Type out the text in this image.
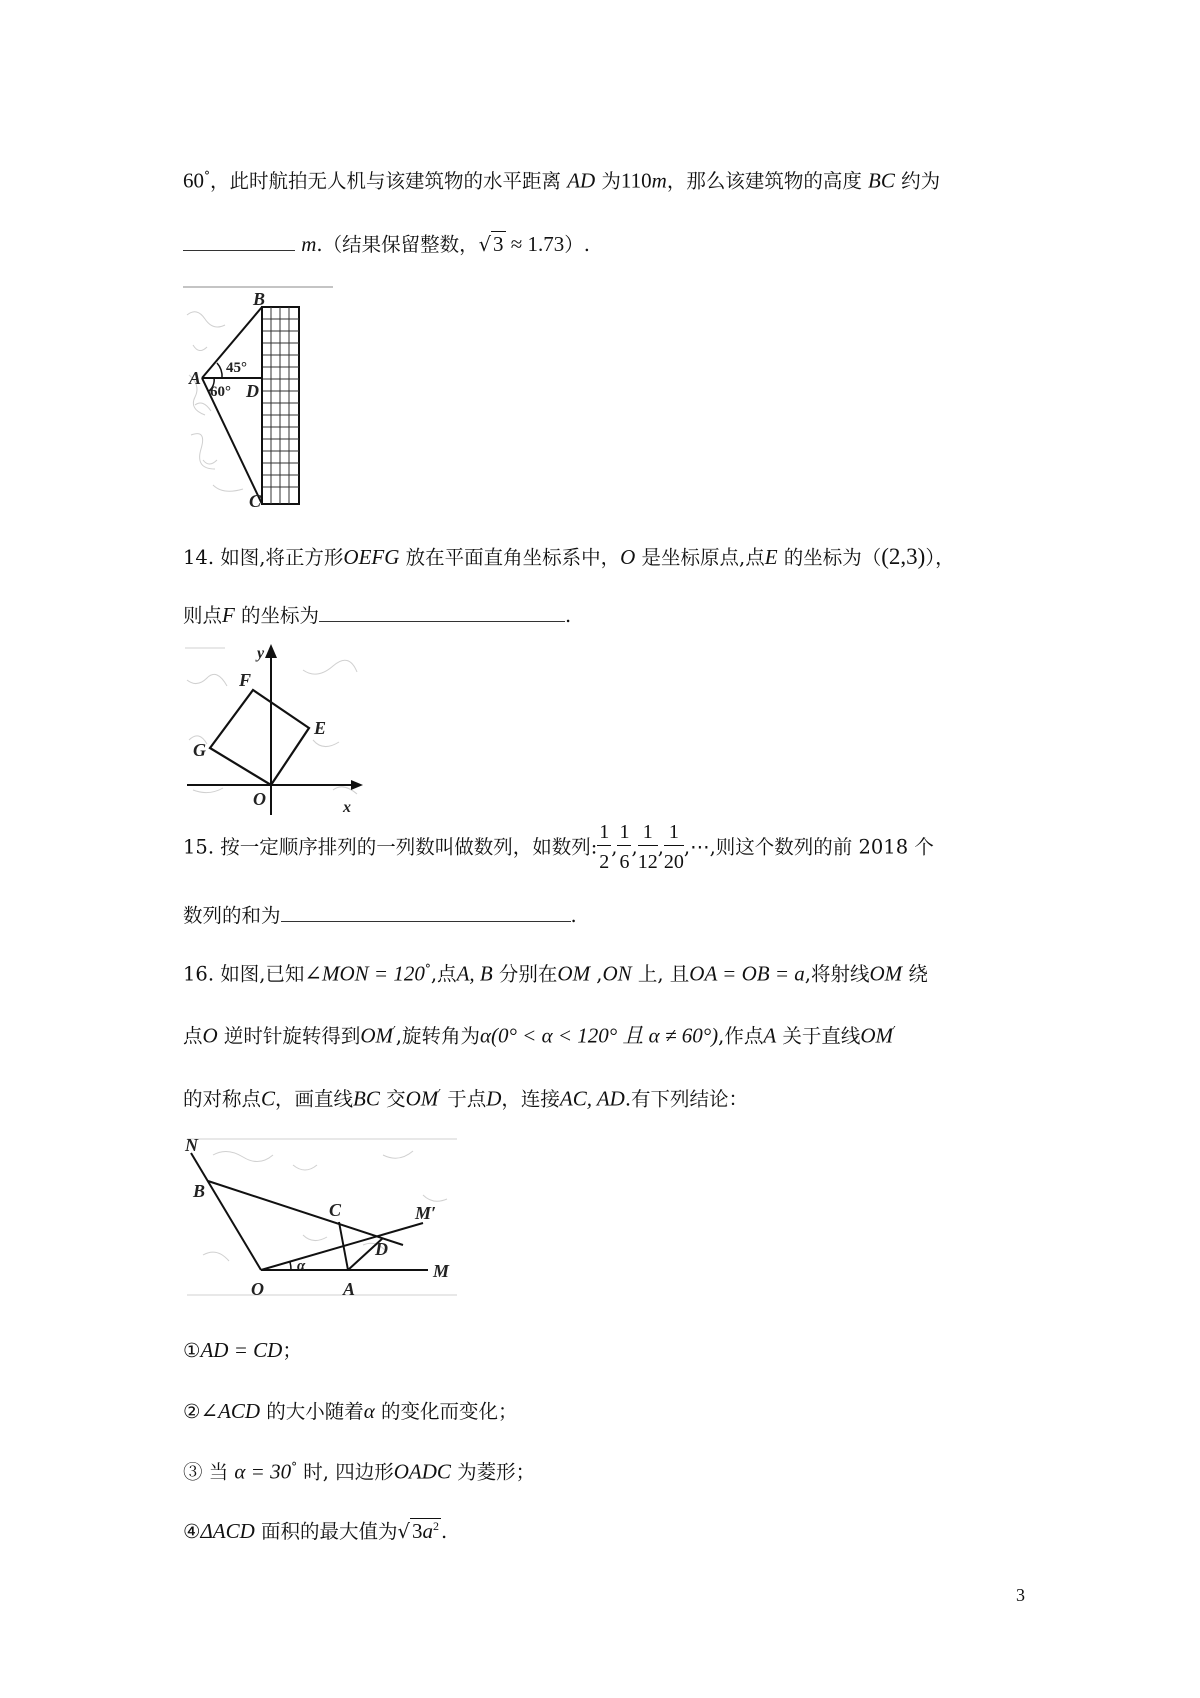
60°，此时航拍无人机与该建筑物的水平距离 AD 为110m，那么该建筑物的高度 BC 约为
m.（结果保留整数，√3 ≈ 1.73）.
B
A
D
C
45°
60°
14. 如图,将正方形OEFG 放在平面直角坐标系中，O 是坐标原点,点E 的坐标为（(2,3)），
则点F 的坐标为	.
y
x
F
E
G
O
15. 按一定顺序排列的一列数叫做数列，如数列: $\frac{1}{2}$ , $\frac{1}{6}$ , $\frac{1}{12}$ , $\frac{1}{20}$ ,⋯,则这个数列的前 2018 个
数列的和为	.
16. 如图,已知∠MON = 120°,点A, B 分别在OM ,ON 上, 且OA = OB = a,将射线OM 绕
点O 逆时针旋转得到OM′,旋转角为α(0° < α < 120° 且 α ≠ 60°),作点A 关于直线OM′
的对称点C，画直线BC 交OM′ 于点D，连接AC, AD.有下列结论：
N
B
C	M′
D
O
α
A
M
①AD = CD；
②∠ACD 的大小随着α 的变化而变化；
③ 当 α = 30° 时, 四边形OADC 为菱形；
④ΔACD 面积的最大值为$√3a^2$ .
3
